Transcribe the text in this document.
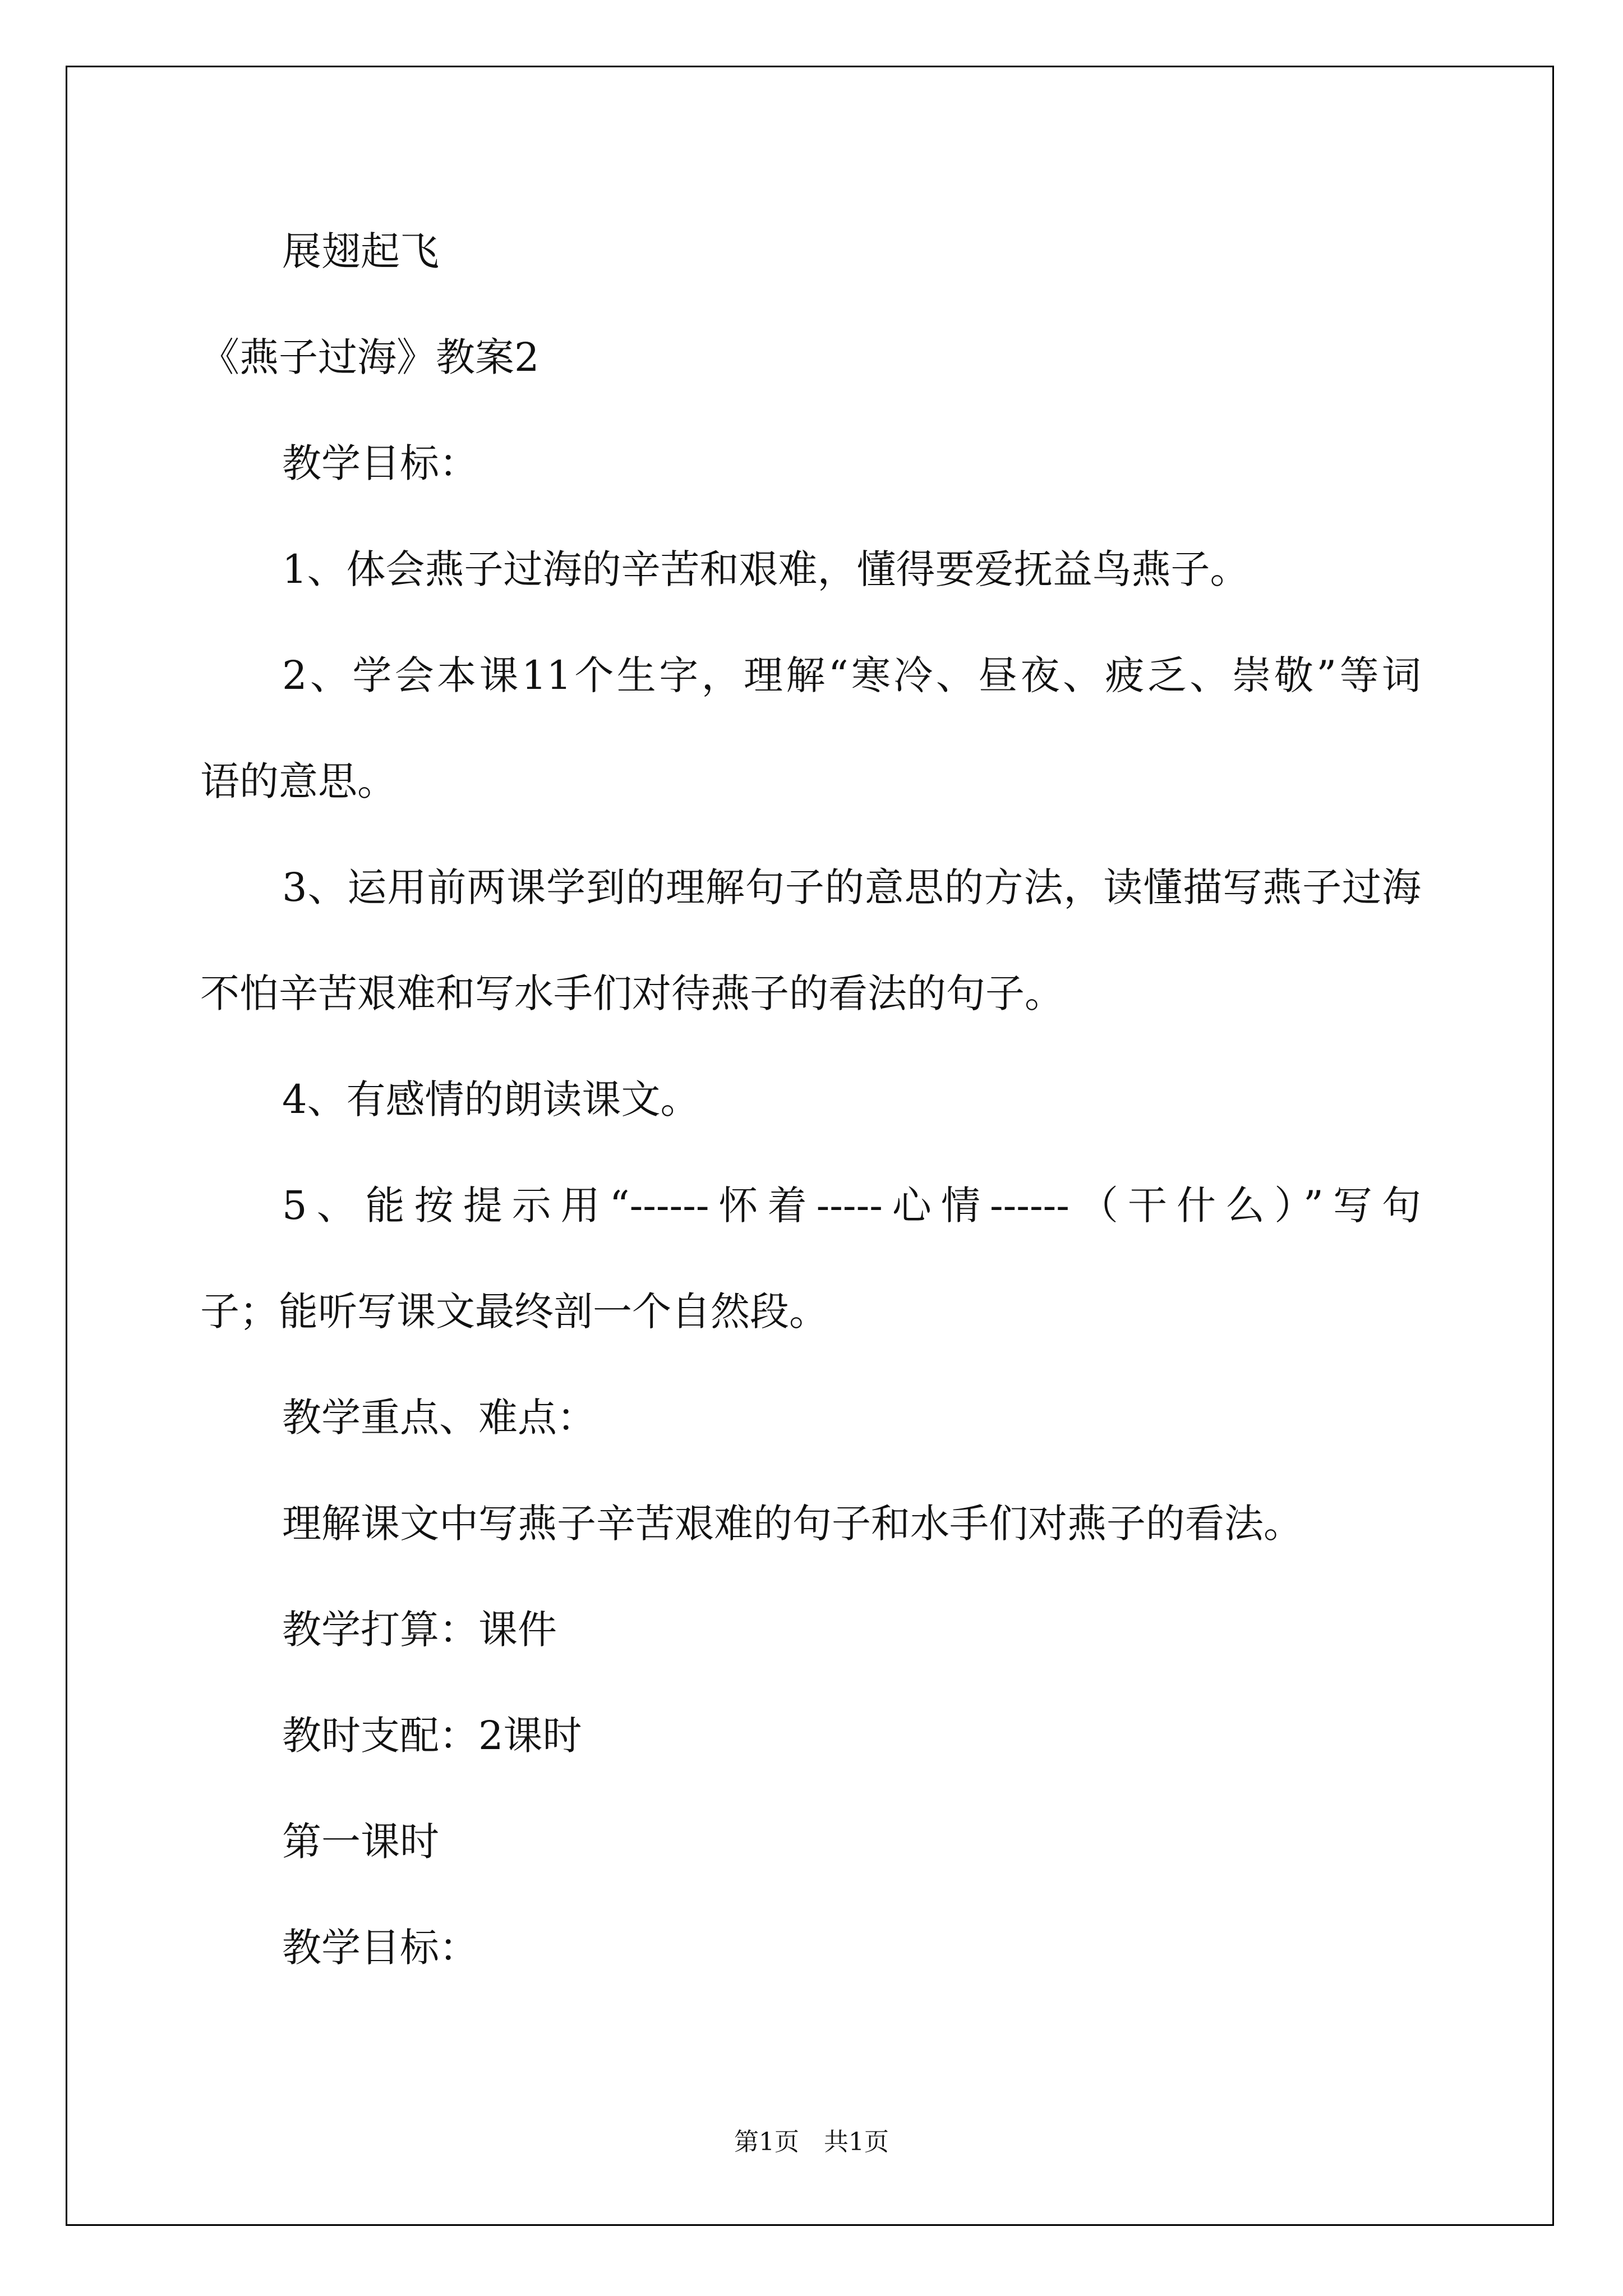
展翅起飞
《燕子过海》教案2
教学目标：
1、体会燕子过海的辛苦和艰难，懂得要爱抚益鸟燕子。
2、学会本课11个生字，理解“寒冷、昼夜、疲乏、崇敬”等词
语的意思。
3、运用前两课学到的理解句子的意思的方法，读懂描写燕子过海
不怕辛苦艰难和写水手们对待燕子的看法的句子。
4、有感情的朗读课文。
5、能按提示用“------怀着-----心情------（干什么）”写句
子；能听写课文最终剖一个自然段。
教学重点、难点：
理解课文中写燕子辛苦艰难的句子和水手们对燕子的看法。
教学打算：课件
教时支配：2课时
第一课时
教学目标：
第1页　共1页
